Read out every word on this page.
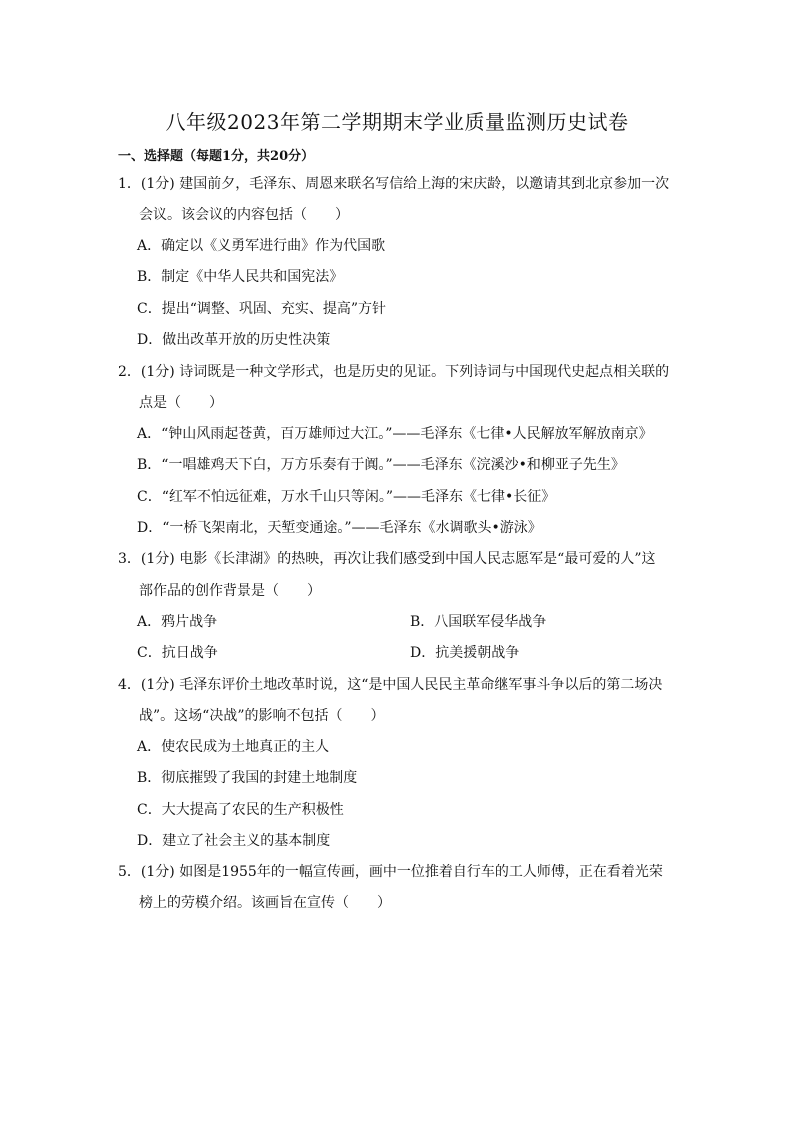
八年级2023年第二学期期末学业质量监测历史试卷
一、选择题（每题1分，共20分）
1．(1分) 建国前夕，毛泽东、周恩来联名写信给上海的宋庆龄，以邀请其到北京参加一次
会议。该会议的内容包括（　　）
A．确定以《义勇军进行曲》作为代国歌
B．制定《中华人民共和国宪法》
C．提出“调整、巩固、充实、提高”方针
D．做出改革开放的历史性决策
2．(1分) 诗词既是一种文学形式，也是历史的见证。下列诗词与中国现代史起点相关联的
点是（　　）
A．“钟山风雨起苍黄，百万雄师过大江。”——毛泽东《七律•人民解放军解放南京》
B．“一唱雄鸡天下白，万方乐奏有于阗。”——毛泽东《浣溪沙•和柳亚子先生》
C．“红军不怕远征难，万水千山只等闲。”——毛泽东《七律•长征》
D．“一桥飞架南北，天堑变通途。”——毛泽东《水调歌头•游泳》
3．(1分) 电影《长津湖》的热映，再次让我们感受到中国人民志愿军是“最可爱的人”这
部作品的创作背景是（　　）
A．鸦片战争	B．八国联军侵华战争
C．抗日战争	D．抗美援朝战争
4．(1分) 毛泽东评价土地改革时说，这“是中国人民民主革命继军事斗争以后的第二场决
战”。这场“决战”的影响不包括（　　）
A．使农民成为土地真正的主人
B．彻底摧毁了我国的封建土地制度
C．大大提高了农民的生产积极性
D．建立了社会主义的基本制度
5．(1分) 如图是1955年的一幅宣传画，画中一位推着自行车的工人师傅，正在看着光荣
榜上的劳模介绍。该画旨在宣传（　　）
